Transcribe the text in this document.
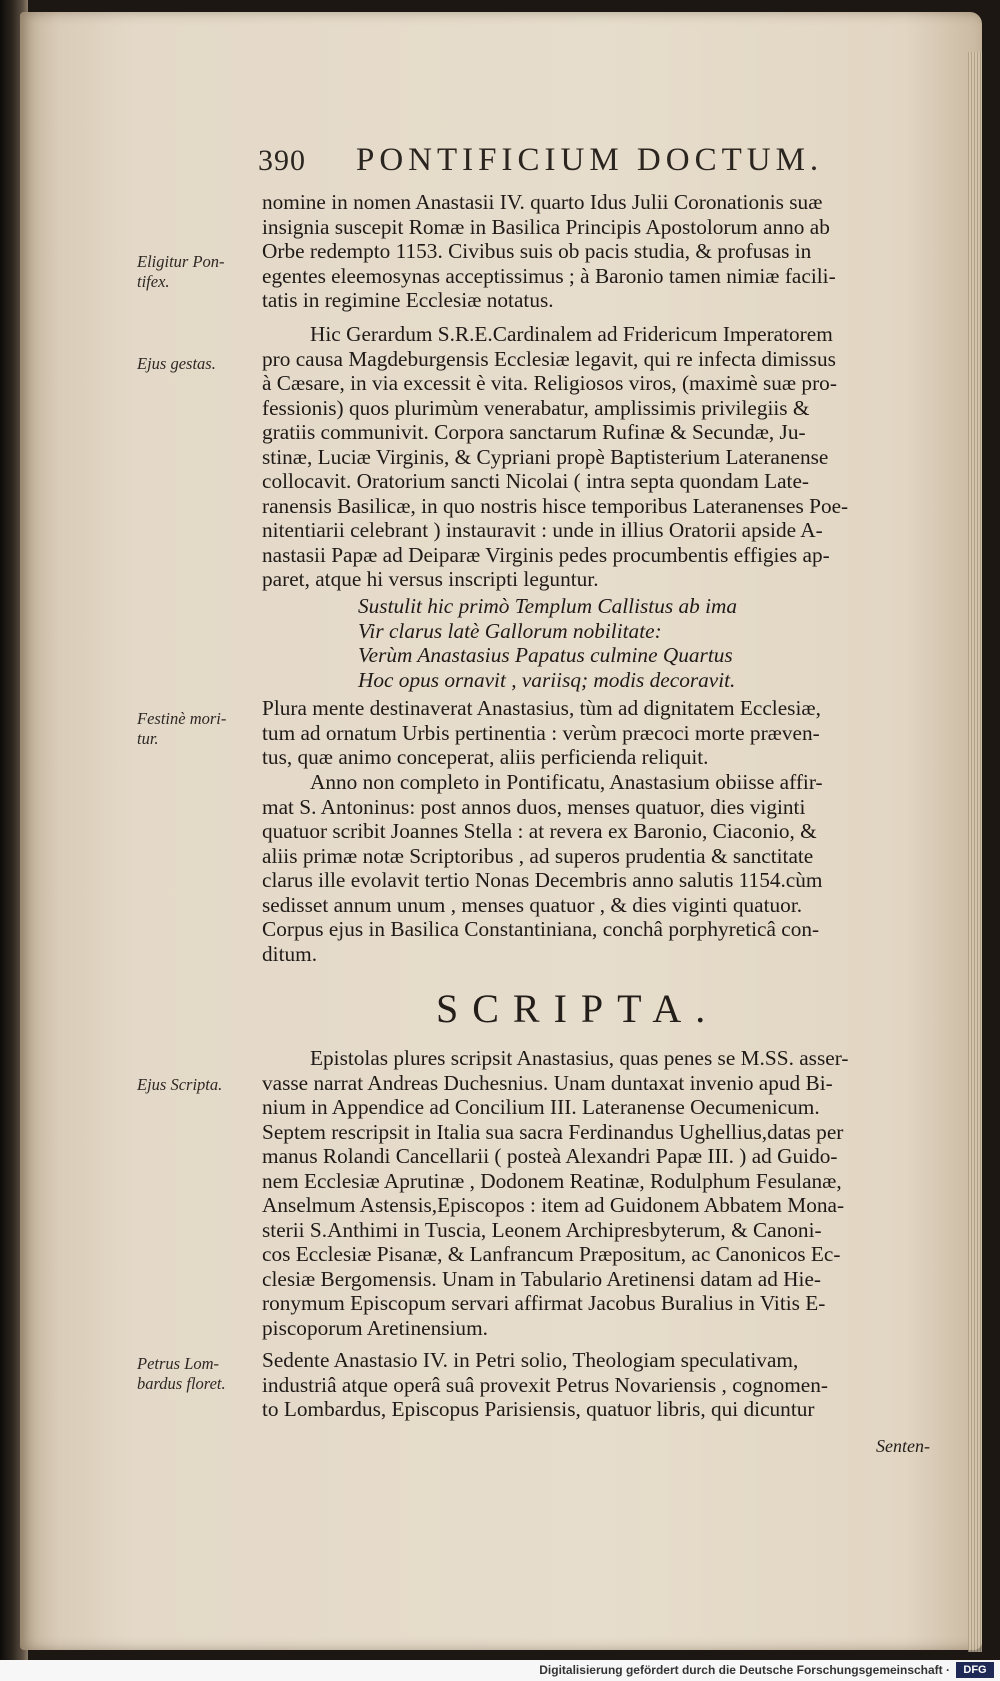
390 PONTIFICIUM DOCTUM.
Eligitur Pon-
tifex.
Ejus gestas.
Festinè mori-
tur.
Ejus Scripta.
Petrus Lom-
bardus floret.
nomine in nomen Anastasii IV. quarto Idus Julii Coronationis suæ
insignia suscepit Romæ in Basilica Principis Apostolorum anno ab
Orbe redempto 1153. Civibus suis ob pacis studia, & profusas in
egentes eleemosynas acceptissimus ; à Baronio tamen nimiæ facili-
tatis in regimine Ecclesiæ notatus.
Hic Gerardum S.R.E.Cardinalem ad Fridericum Imperatorem
pro causa Magdeburgensis Ecclesiæ legavit, qui re infecta dimissus
à Cæsare, in via excessit è vita. Religiosos viros, (maximè suæ pro-
fessionis) quos plurimùm venerabatur, amplissimis privilegiis &
gratiis communivit. Corpora sanctarum Rufinæ & Secundæ, Ju-
stinæ, Luciæ Virginis, & Cypriani propè Baptisterium Lateranense
collocavit. Oratorium sancti Nicolai ( intra septa quondam Late-
ranensis Basilicæ, in quo nostris hisce temporibus Lateranenses Poe-
nitentiarii celebrant ) instauravit : unde in illius Oratorii apside A-
nastasii Papæ ad Deiparæ Virginis pedes procumbentis effigies ap-
paret, atque hi versus inscripti leguntur.
Sustulit hic primò Templum Callistus ab ima
Vir clarus latè Gallorum nobilitate:
Verùm Anastasius Papatus culmine Quartus
Hoc opus ornavit , variisq; modis decoravit.
Plura mente destinaverat Anastasius, tùm ad dignitatem Ecclesiæ,
tum ad ornatum Urbis pertinentia : verùm præcoci morte præven-
tus, quæ animo conceperat, aliis perficienda reliquit.
Anno non completo in Pontificatu, Anastasium obiisse affir-
mat S. Antoninus: post annos duos, menses quatuor, dies viginti
quatuor scribit Joannes Stella : at revera ex Baronio, Ciaconio, &
aliis primæ notæ Scriptoribus , ad superos prudentia & sanctitate
clarus ille evolavit tertio Nonas Decembris anno salutis 1154.cùm
sedisset annum unum , menses quatuor , & dies viginti quatuor.
Corpus ejus in Basilica Constantiniana, conchâ porphyreticâ con-
ditum.
SCRIPTA.
Epistolas plures scripsit Anastasius, quas penes se M.SS. asser-
vasse narrat Andreas Duchesnius. Unam duntaxat invenio apud Bi-
nium in Appendice ad Concilium III. Lateranense Oecumenicum.
Septem rescripsit in Italia sua sacra Ferdinandus Ughellius,datas per
manus Rolandi Cancellarii ( posteà Alexandri Papæ III. ) ad Guido-
nem Ecclesiæ Aprutinæ , Dodonem Reatinæ, Rodulphum Fesulanæ,
Anselmum Astensis,Episcopos : item ad Guidonem Abbatem Mona-
sterii S.Anthimi in Tuscia, Leonem Archipresbyterum, & Canoni-
cos Ecclesiæ Pisanæ, & Lanfrancum Præpositum, ac Canonicos Ec-
clesiæ Bergomensis. Unam in Tabulario Aretinensi datam ad Hie-
ronymum Episcopum servari affirmat Jacobus Buralius in Vitis E-
piscoporum Aretinensium.
Sedente Anastasio IV. in Petri solio, Theologiam speculativam,
industriâ atque operâ suâ provexit Petrus Novariensis , cognomen-
to Lombardus, Episcopus Parisiensis, quatuor libris, qui dicuntur
Senten-
Digitalisierung gefördert durch die Deutsche Forschungsgemeinschaft ·	DFG
